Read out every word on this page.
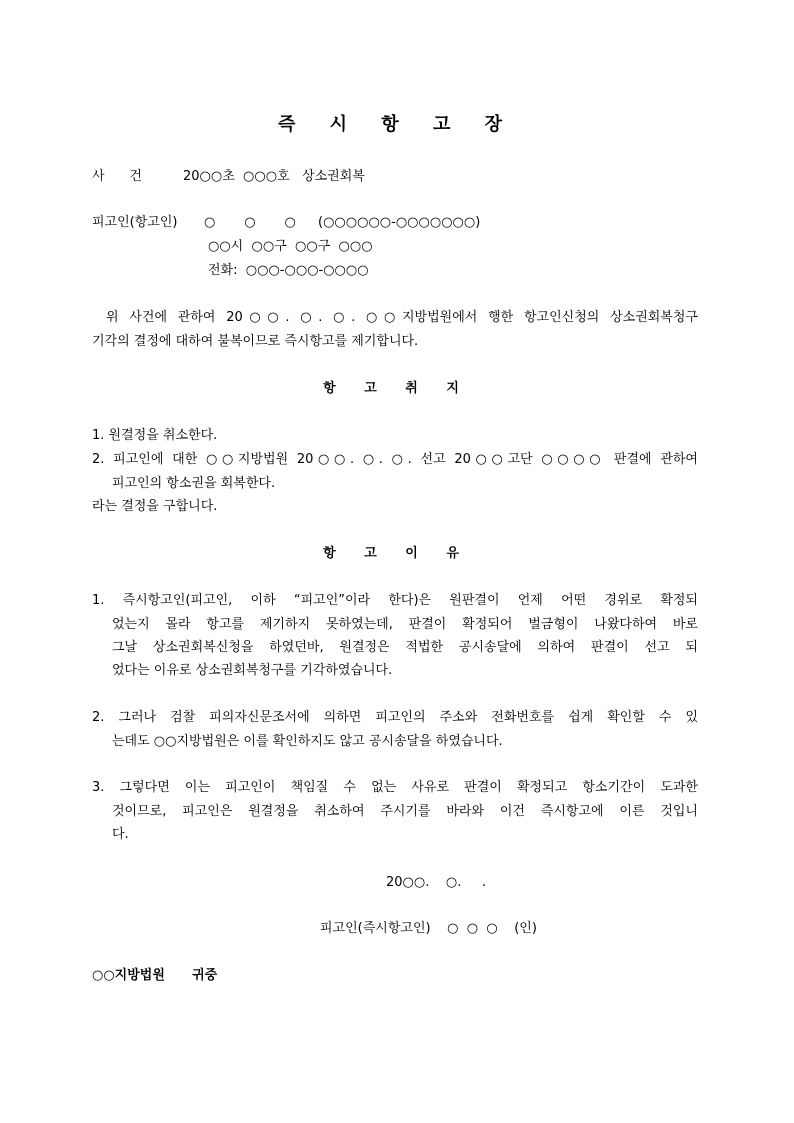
즉 시 항 고 장
사      건	20○○초  ○○○호   상소권회복
피고인(항고인) ○       ○       ○ (○○○○○○-○○○○○○○)
○○시  ○○구  ○○구  ○○○
전화:  ○○○-○○○-○○○○
위 사건에 관하여 20○○. ○. ○. ○○지방법원에서 행한 항고인신청의 상소권회복청구
기각의 결정에 대하여 불복이므로 즉시항고를 제기합니다.
항 고 취 지
1. 원결정을 취소한다.
2. 피고인에 대한 ○○지방법원 20○○. ○. ○. 선고 20○○고단 ○○○○ 판결에 관하여
피고인의 항소권을 회복한다.
라는 결정을 구합니다.
항 고 이 유
1. 즉시항고인(피고인, 이하 “피고인”이라 한다)은 원판결이 언제 어떤 경위로 확정되
었는지 몰라 항고를 제기하지 못하였는데, 판결이 확정되어 벌금형이 나왔다하여 바로
그날 상소권회복신청을 하였던바, 원결정은 적법한 공시송달에 의하여 판결이 선고 되
었다는 이유로 상소권회복청구를 기각하였습니다.
2. 그러나 검찰 피의자신문조서에 의하면 피고인의 주소와 전화번호를 쉽게 확인할 수 있
는데도 ○○지방법원은 이를 확인하지도 않고 공시송달을 하였습니다.
3. 그렇다면 이는 피고인이 책임질 수 없는 사유로 판결이 확정되고 항소기간이 도과한
것이므로, 피고인은 원결정을 취소하여 주시기를 바라와 이건 즉시항고에 이른 것입니
다.
20○○.    ○.     .
피고인(즉시항고인)    ○  ○  ○    (인)
○○지방법원      귀중
